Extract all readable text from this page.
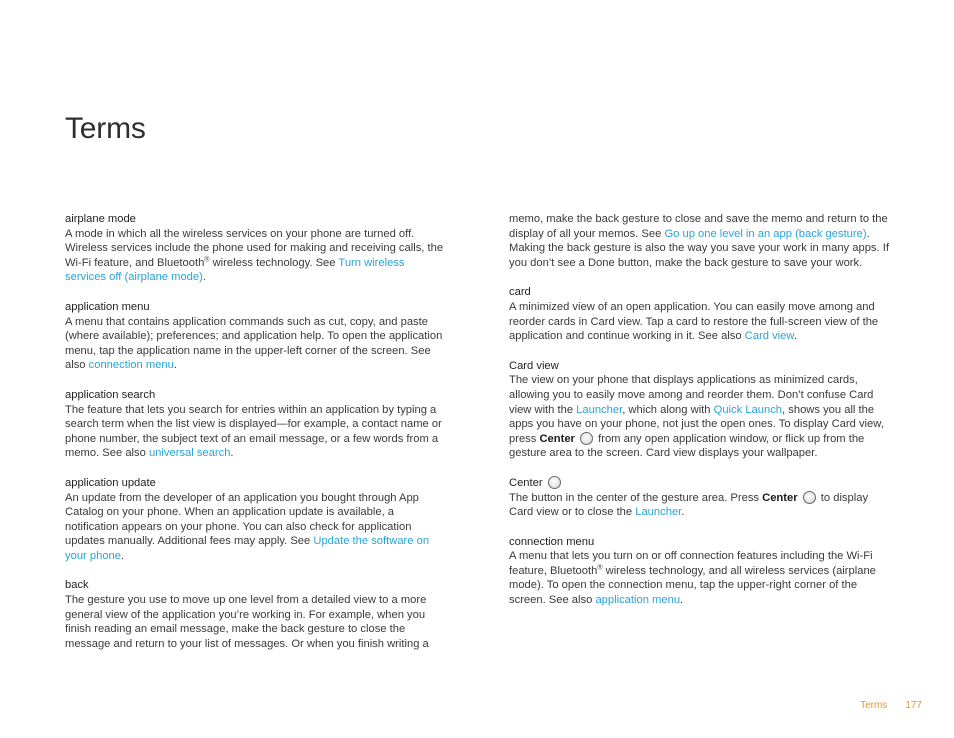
Terms

airplane mode

A mode in which all the wireless services on your phone are turned off. Wireless services include the phone used for making and receiving calls, the Wi-Fi feature, and Bluetooth® wireless technology. See Turn wireless services off (airplane mode).

application menu

A menu that contains application commands such as cut, copy, and paste (where available); preferences; and application help. To open the application menu, tap the application name in the upper-left corner of the screen. See also connection menu.

application search

The feature that lets you search for entries within an application by typing a search term when the list view is displayed—for example, a contact name or phone number, the subject text of an email message, or a few words from a memo. See also universal search.

application update

An update from the developer of an application you bought through App Catalog on your phone. When an application update is available, a notification appears on your phone. You can also check for application updates manually. Additional fees may apply. See Update the software on your phone.

back

The gesture you use to move up one level from a detailed view to a more general view of the application you’re working in. For example, when you finish reading an email message, make the back gesture to close the message and return to your list of messages. Or when you finish writing a

memo, make the back gesture to close and save the memo and return to the display of all your memos. See Go up one level in an app (back gesture). Making the back gesture is also the way you save your work in many apps. If you don’t see a Done button, make the back gesture to save your work.

card

A minimized view of an open application. You can easily move among and reorder cards in Card view. Tap a card to restore the full-screen view of the application and continue working in it. See also Card view.

Card view

The view on your phone that displays applications as minimized cards, allowing you to easily move among and reorder them. Don’t confuse Card view with the Launcher, which along with Quick Launch, shows you all the apps you have on your phone, not just the open ones. To display Card view, press Center  from any open application window, or flick up from the gesture area to the screen. Card view displays your wallpaper.

Center

The button in the center of the gesture area. Press Center  to display Card view or to close the Launcher.

connection menu

A menu that lets you turn on or off connection features including the Wi-Fi feature, Bluetooth® wireless technology, and all wireless services (airplane mode). To open the connection menu, tap the upper-right corner of the screen. See also application menu.

Terms 177
